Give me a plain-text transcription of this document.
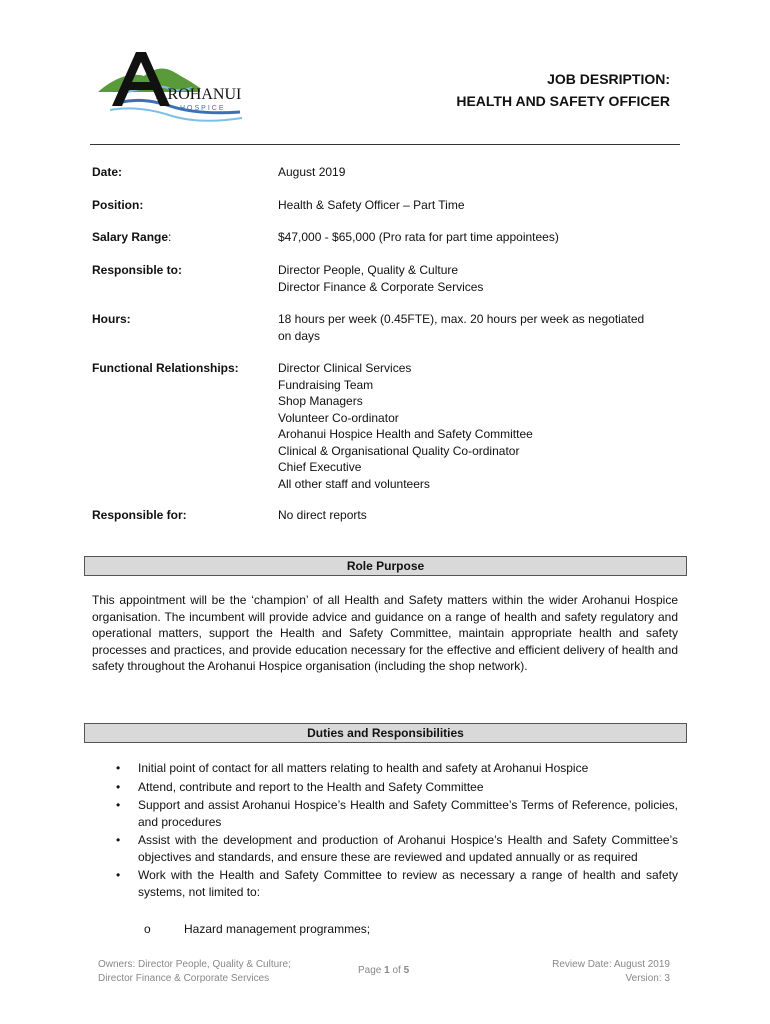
AROHANUI
HOSPICE
JOB DESRIPTION:
HEALTH AND SAFETY OFFICER
Date:	August 2019
Position:	Health & Safety Officer – Part Time
Salary Range:	$47,000 - $65,000 (Pro rata for part time appointees)
Responsible to:	Director People, Quality & Culture
Director Finance & Corporate Services
Hours:	18 hours per week (0.45FTE), max. 20 hours per week as negotiated
on days
Functional Relationships:	Director Clinical Services
Fundraising Team
Shop Managers
Volunteer Co-ordinator
Arohanui Hospice Health and Safety Committee
Clinical & Organisational Quality Co-ordinator
Chief Executive
All other staff and volunteers
Responsible for:	No direct reports
Role Purpose
This appointment will be the ‘champion’ of all Health and Safety matters within the wider Arohanui Hospice organisation. The incumbent will provide advice and guidance on a range of health and safety regulatory and operational matters, support the Health and Safety Committee, maintain appropriate health and safety processes and practices, and provide education necessary for the effective and efficient delivery of health and safety throughout the Arohanui Hospice organisation (including the shop network).
Duties and Responsibilities
• Initial point of contact for all matters relating to health and safety at Arohanui Hospice
• Attend, contribute and report to the Health and Safety Committee
• Support and assist Arohanui Hospice’s Health and Safety Committee’s Terms of Reference, policies, and procedures
• Assist with the development and production of Arohanui Hospice’s Health and Safety Committee’s objectives and standards, and ensure these are reviewed and updated annually or as required
• Work with the Health and Safety Committee to review as necessary a range of health and safety systems, not limited to:
o	Hazard management programmes;
Owners: Director People, Quality & Culture;
Director Finance & Corporate Services
Page 1 of 5
Review Date: August 2019
Version: 3
